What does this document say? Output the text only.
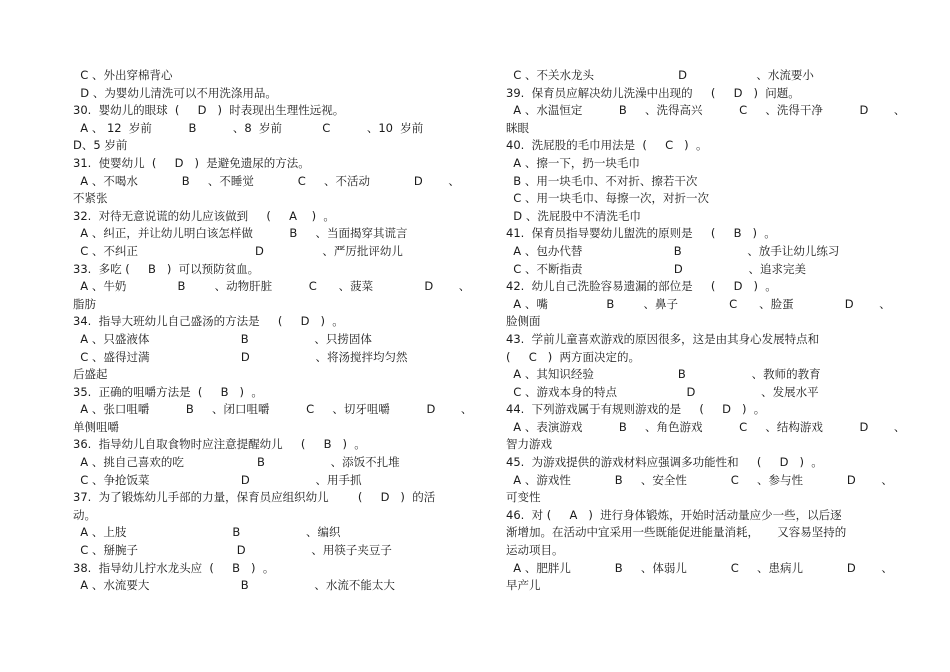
C 、外出穿棉背心
D 、为婴幼儿清洗可以不用洗涤用品。
30.  婴幼儿的眼球  (     D   )  时表现出生理性远视。
A 、 12  岁前          B          、8  岁前           C          、10  岁前
D、5 岁前
31.  使婴幼儿  (     D   )  是避免遗尿的方法。
A 、不喝水            B     、不睡觉            C     、不活动            D       、
不紧张
32.  对待无意说谎的幼儿应该做到     (     A    )  。
A 、纠正，并让幼儿明白该怎样做          B     、当面揭穿其谎言
C 、不纠正                                D                、严厉批评幼儿
33.  多吃 (     B   )  可以预防贫血。
A 、牛奶              B        、动物肝脏          C      、菠菜              D       、
脂肪
34.  指导大班幼儿自己盛汤的方法是     (     D   )  。
A 、只盛液体                         B                  、只捞固体
C 、盛得过满                         D                  、将汤搅拌均匀然
后盛起
35.  正确的咀嚼方法是  (     B   )  。
A 、张口咀嚼          B     、闭口咀嚼          C     、切牙咀嚼          D       、
单侧咀嚼
36.  指导幼儿自取食物时应注意提醒幼儿     (     B   )  。
A 、挑自己喜欢的吃                    B                  、添饭不扎堆
C 、争抢饭菜                         D                  、用手抓
37.  为了锻炼幼儿手部的力量，保育员应组织幼儿        (     D   )  的活
动。
A 、上肢                             B                  、编织
C 、掰腕子                           D                  、用筷子夹豆子
38.  指导幼儿拧水龙头应  (     B   )  。
A 、水流要大                         B                  、水流不能太大
C 、不关水龙头                       D                   、水流要小
39.  保育员应解决幼儿洗澡中出现的     (     D   )  问题。
A 、水温恒定          B     、洗得高兴          C     、洗得干净          D       、
眯眼
40.  洗屁股的毛巾用法是  (     C   )  。
A 、擦一下，扔一块毛巾
B 、用一块毛巾、不对折、擦若干次
C 、用一块毛巾、每擦一次，对折一次
D 、洗屁股中不清洗毛巾
41.  保育员指导婴幼儿盥洗的原则是     (     B   )  。
A 、包办代替                         B                  、放手让幼儿练习
C 、不断指责                         D                  、追求完美
42.  幼儿自己洗脸容易遗漏的部位是     (     D   )  。
A 、嘴                B        、鼻子              C      、脸蛋              D       、
脸侧面
43.  学前儿童喜欢游戏的原因很多，这是由其身心发展特点和
(     C   )  两方面决定的。
A 、其知识经验                       B                  、教师的教育
C 、游戏本身的特点                   D                  、发展水平
44.  下列游戏属于有规则游戏的是     (     D   )  。
A 、表演游戏          B     、角色游戏          C     、结构游戏          D       、
智力游戏
45.  为游戏提供的游戏材料应强调多功能性和     (     D   )  。
A 、游戏性            B     、安全性            C     、参与性            D       、
可变性
46.  对 (     A   )  进行身体锻炼，开始时活动量应少一些，以后逐
渐增加。在活动中宜采用一些既能促进能量消耗，     又容易坚持的
运动项目。
A 、肥胖儿            B     、体弱儿            C     、患病儿            D       、
早产儿
